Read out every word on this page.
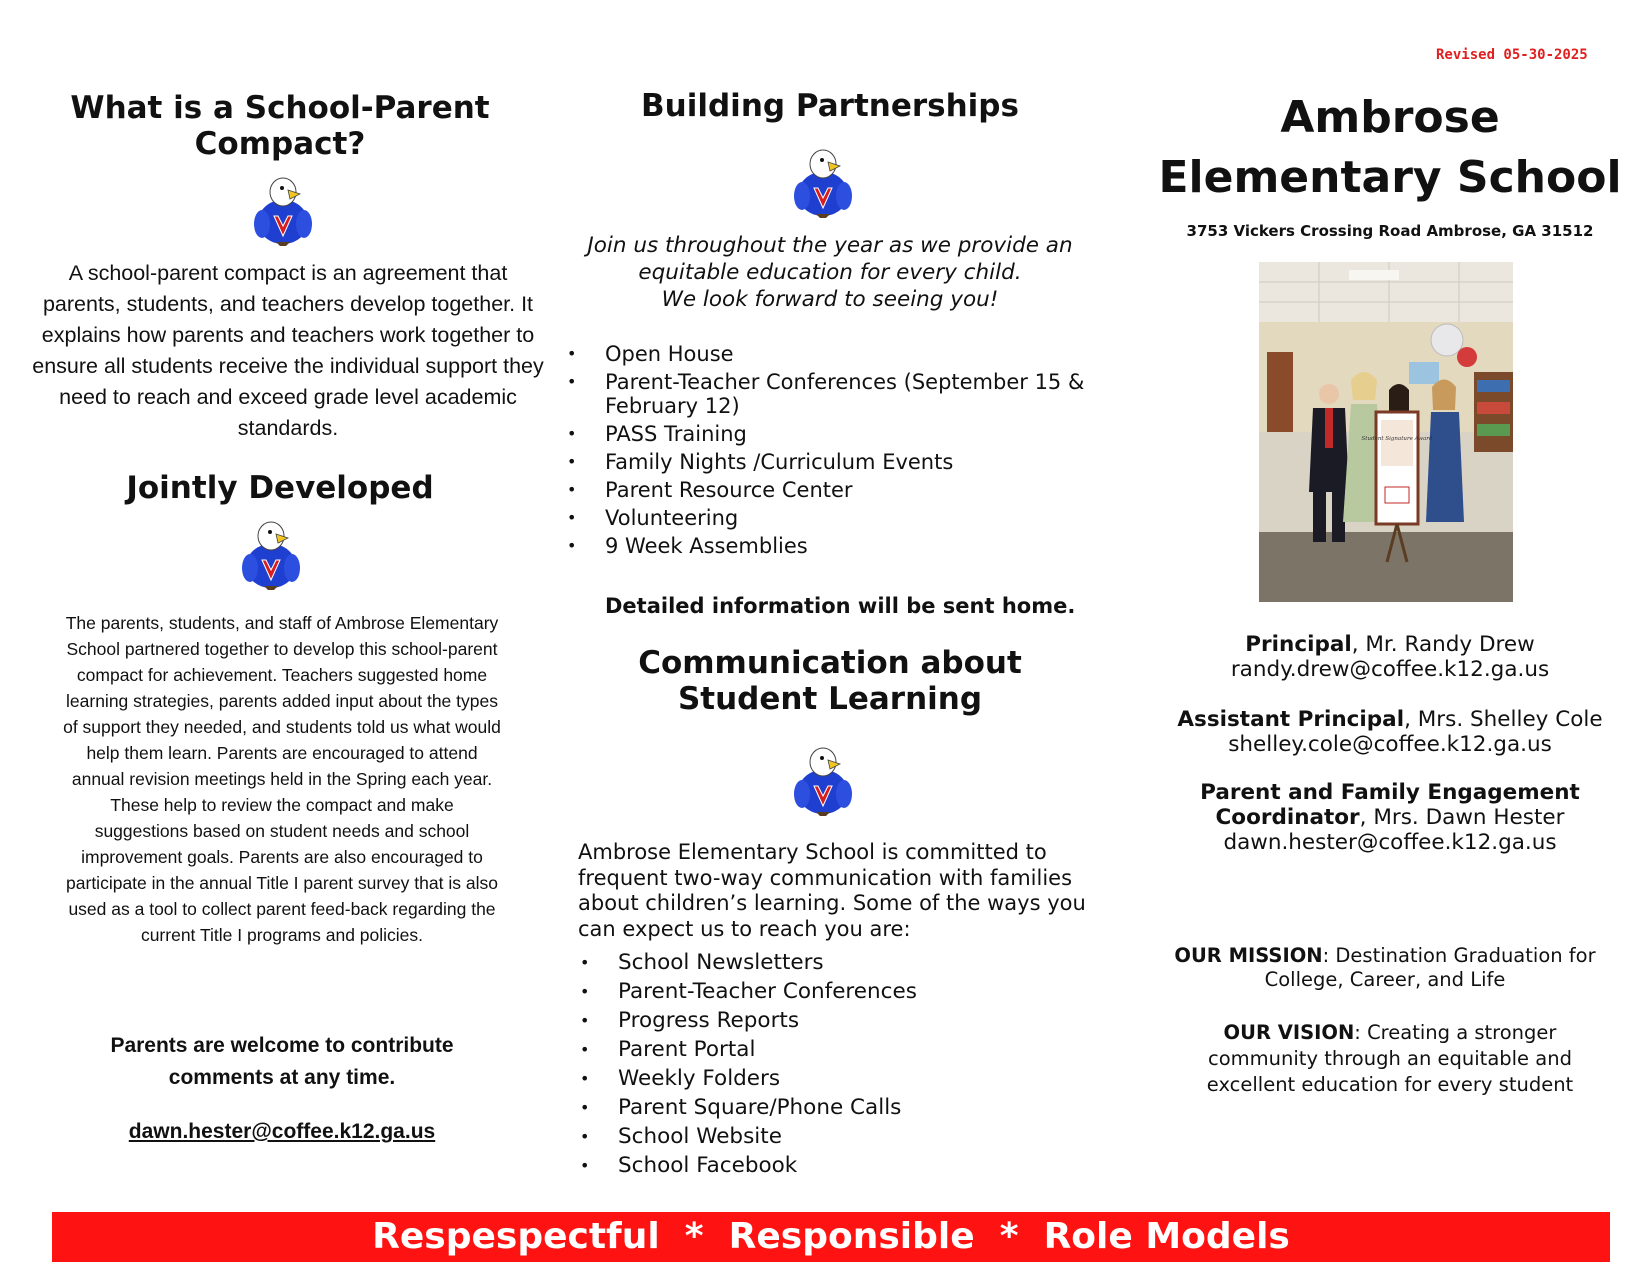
Revised 05-30-2025
What is a School-Parent Compact?
A school-parent compact is an agreement that parents, students, and teachers develop together. It explains how parents and teachers work together to ensure all students receive the individual support they need to reach and exceed grade level academic standards.
Jointly Developed
The parents, students, and staff of Ambrose Elementary School partnered together to develop this school-parent compact for achievement. Teachers suggested home learning strategies, parents added input about the types of support they needed, and students told us what would help them learn. Parents are encouraged to attend annual revision meetings held in the Spring each year. These help to review the compact and make suggestions based on student needs and school improvement goals. Parents are also encouraged to participate in the annual Title I parent survey that is also used as a tool to collect parent feed-back regarding the current Title I programs and policies.
Parents are welcome to contribute comments at any time.
dawn.hester@coffee.k12.ga.us
Building Partnerships
Join us throughout the year as we provide an
equitable education for every child.
We look forward to seeing you!
• Open House
• Parent-Teacher Conferences (September 15 & February 12)
• PASS Training
• Family Nights /Curriculum Events
• Parent Resource Center
• Volunteering
• 9 Week Assemblies
Detailed information will be sent home.
Communication about
Student Learning
Ambrose Elementary School is committed to frequent two-way communication with families about children’s learning. Some of the ways you can expect us to reach you are:
• School Newsletters
• Parent-Teacher Conferences
• Progress Reports
• Parent Portal
• Weekly Folders
• Parent Square/Phone Calls
• School Website
• School Facebook
Ambrose
Elementary School
3753 Vickers Crossing Road Ambrose, GA 31512
Student Signature Award
Principal, Mr. Randy Drew
randy.drew@coffee.k12.ga.us
Assistant Principal, Mrs. Shelley Cole
shelley.cole@coffee.k12.ga.us
Parent and Family Engagement
Coordinator, Mrs. Dawn Hester
dawn.hester@coffee.k12.ga.us
OUR MISSION: Destination Graduation for College, Career, and Life
OUR VISION: Creating a stronger community through an equitable and excellent education for every student
Respespectful  *  Responsible  *  Role Models
